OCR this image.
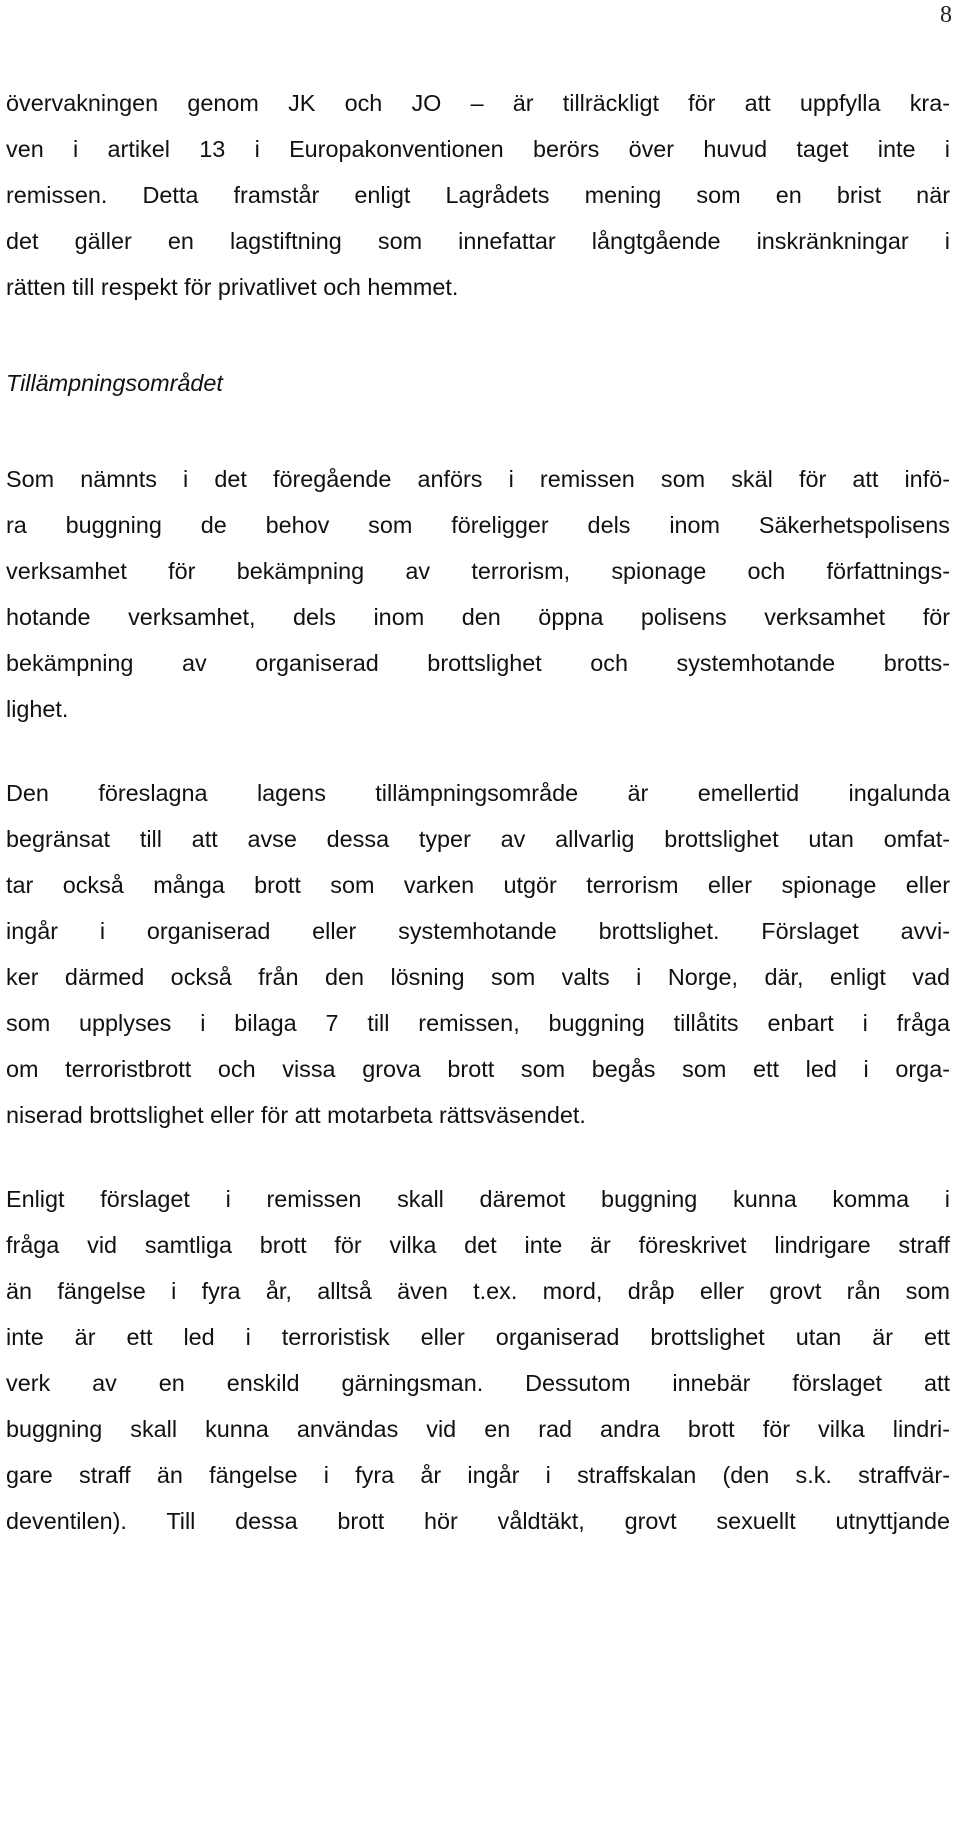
8
övervakningen genom JK och JO – är tillräckligt för att uppfylla kra-
ven i artikel 13 i Europakonventionen berörs över huvud taget inte i
remissen. Detta framstår enligt Lagrådets mening som en brist när
det gäller en lagstiftning som innefattar långtgående inskränkningar i
rätten till respekt för privatlivet och hemmet.
Tillämpningsområdet
Som nämnts i det föregående anförs i remissen som skäl för att infö-
ra buggning de behov som föreligger dels inom Säkerhetspolisens
verksamhet för bekämpning av terrorism, spionage och författnings-
hotande verksamhet, dels inom den öppna polisens verksamhet för
bekämpning av organiserad brottslighet och systemhotande brotts-
lighet.
Den föreslagna lagens tillämpningsområde är emellertid ingalunda
begränsat till att avse dessa typer av allvarlig brottslighet utan omfat-
tar också många brott som varken utgör terrorism eller spionage eller
ingår i organiserad eller systemhotande brottslighet. Förslaget avvi-
ker därmed också från den lösning som valts i Norge, där, enligt vad
som upplyses i bilaga 7 till remissen, buggning tillåtits enbart i fråga
om terroristbrott och vissa grova brott som begås som ett led i orga-
niserad brottslighet eller för att motarbeta rättsväsendet.
Enligt förslaget i remissen skall däremot buggning kunna komma i
fråga vid samtliga brott för vilka det inte är föreskrivet lindrigare straff
än fängelse i fyra år, alltså även t.ex. mord, dråp eller grovt rån som
inte är ett led i terroristisk eller organiserad brottslighet utan är ett
verk av en enskild gärningsman. Dessutom innebär förslaget att
buggning skall kunna användas vid en rad andra brott för vilka lindri-
gare straff än fängelse i fyra år ingår i straffskalan (den s.k. straffvär-
deventilen). Till dessa brott hör våldtäkt, grovt sexuellt utnyttjande
